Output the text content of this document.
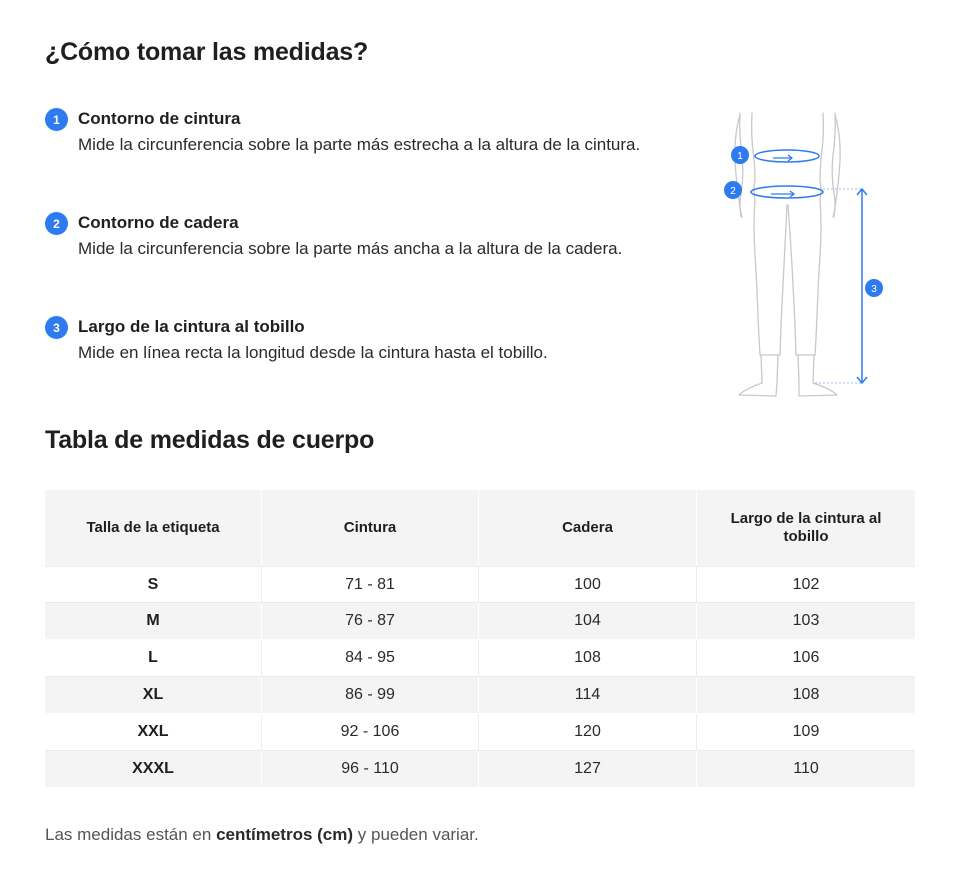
¿Cómo tomar las medidas?
1	Contorno de cintura
Mide la circunferencia sobre la parte más estrecha a la altura de la cintura.
2	Contorno de cadera
Mide la circunferencia sobre la parte más ancha a la altura de la cadera.
3	Largo de la cintura al tobillo
Mide en línea recta la longitud desde la cintura hasta el tobillo.
1
2
3
Tabla de medidas de cuerpo
Talla de la etiqueta	Cintura	Cadera	Largo de la cintura al tobillo
S	71 - 81	100	102
M	76 - 87	104	103
L	84 - 95	108	106
XL	86 - 99	114	108
XXL	92 - 106	120	109
XXXL	96 - 110	127	110
Las medidas están en centímetros (cm) y pueden variar.
